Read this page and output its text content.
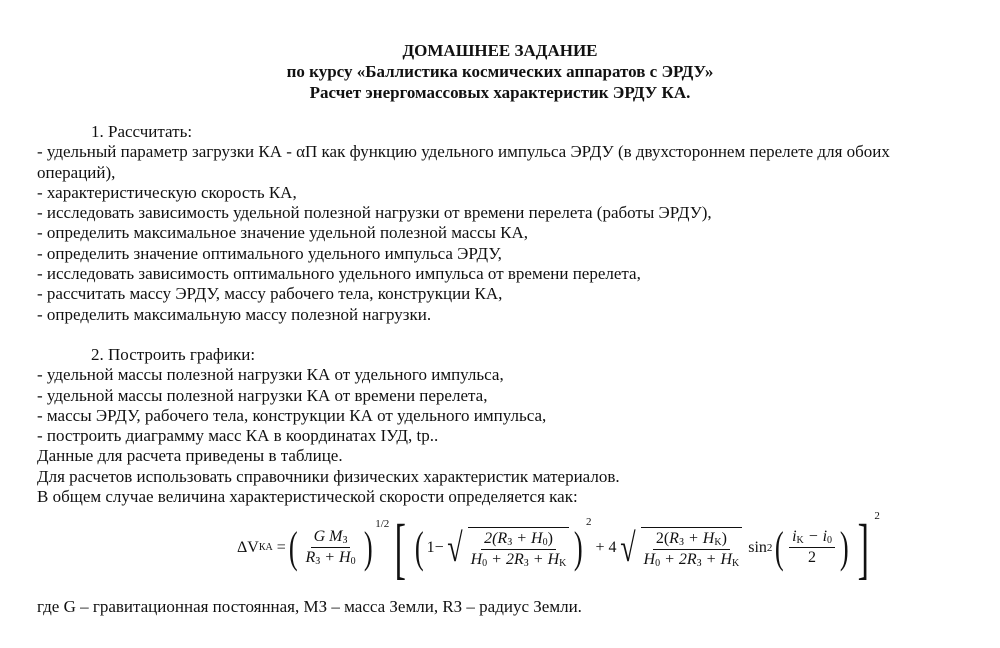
ДОМАШНЕЕ ЗАДАНИЕ
по курсу «Баллистика космических аппаратов с ЭРДУ»
Расчет энергомассовых характеристик ЭРДУ КА.
1. Рассчитать:
- удельный параметр загрузки КА - αП как функцию удельного импульса ЭРДУ (в двухстороннем перелете для обоих операций),
- характеристическую скорость КА,
- исследовать зависимость удельной полезной нагрузки от времени перелета (работы ЭРДУ),
- определить максимальное значение удельной полезной массы КА,
- определить значение оптимального удельного импульса ЭРДУ,
- исследовать зависимость оптимального удельного импульса от времени перелета,
- рассчитать массу ЭРДУ, массу рабочего тела, конструкции КА,
- определить максимальную массу полезной нагрузки.
2. Построить графики:
- удельной массы полезной нагрузки КА от удельного импульса,
- удельной массы полезной нагрузки КА от времени перелета,
- массы ЭРДУ, рабочего тела, конструкции КА от удельного импульса,
- построить диаграмму масс КА в координатах IУД, tр..
Данные для расчета приведены в таблице.
Для расчетов использовать справочники физических характеристик материалов.
В общем случае величина характеристической скорости определяется как:
ΔV КА
= ( $\frac{G M_З}{R_З + H_0}$ ) $^{1/2}$ [ ( 1− √ $\frac{2(R_З + H_0)}{H_0 + 2R_З + H_K}$ )
$^2$

+ 4 √ $\frac{2(R_З + H_K)}{H_0 + 2R_З + H_K}$
sin 2 ( $\frac{i_K - i_0}{2}$ ) ] $^2$
где G – гравитационная постоянная, MЗ – масса Земли, RЗ – радиус Земли.
